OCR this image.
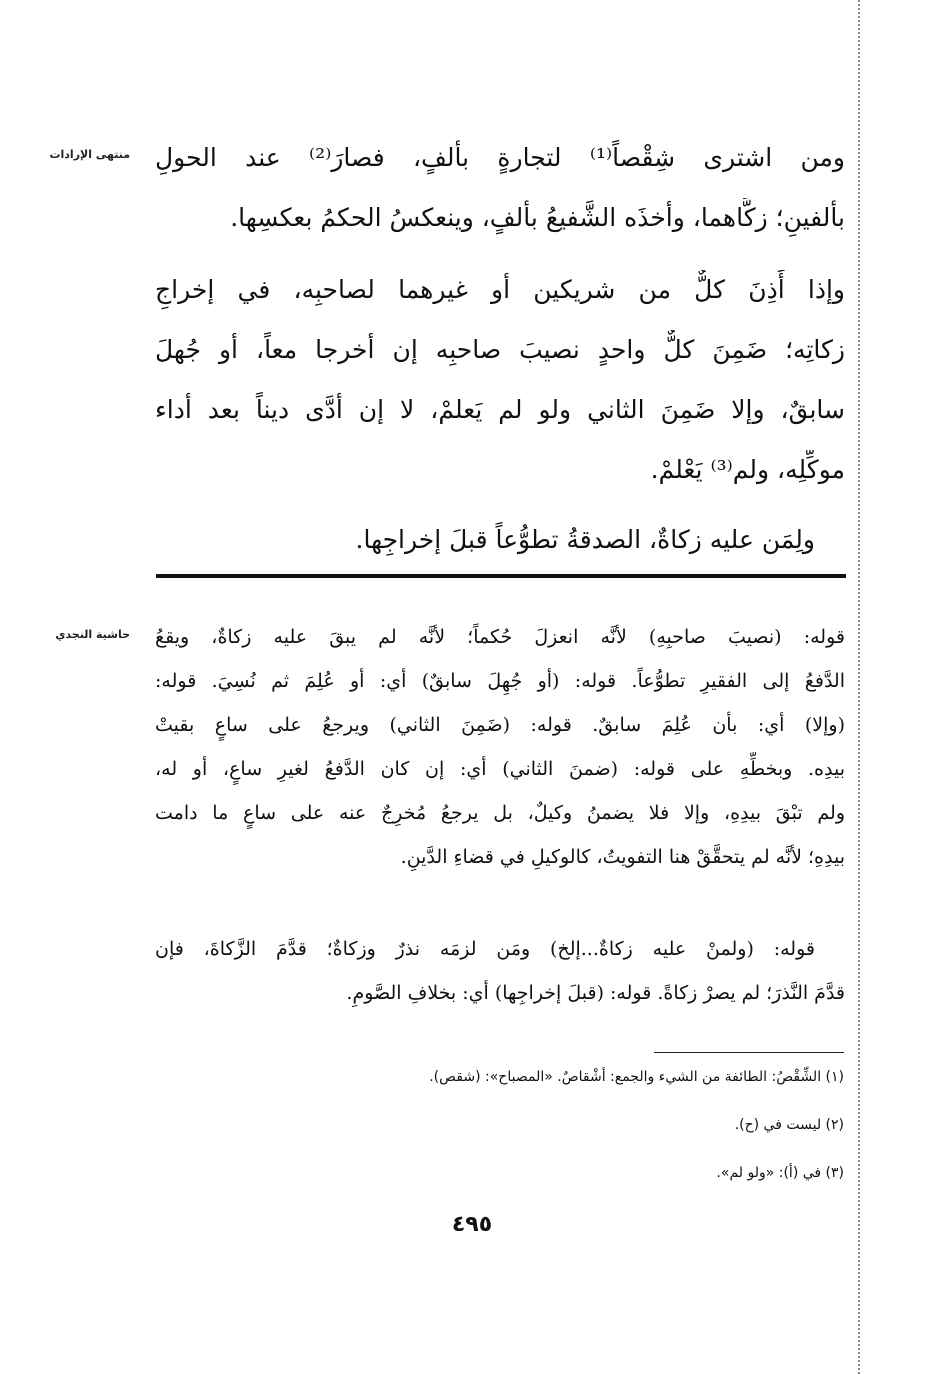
منتهى الإرادات
حاشية النجدي
ومن اشترى شِقْصاً⁽¹⁾ لتجارةٍ بألفٍ، فصارَ⁽²⁾ عند الحولِ
بألفينِ؛ زكَّاهما، وأخذَه الشَّفيعُ بألفٍ، وينعكسُ الحكمُ بعكسِها.
وإذا أَذِنَ كلٌّ من شريكين أو غيرهما لصاحبِه، في إخراجِ
زكاتِه؛ ضَمِنَ كلٌّ واحدٍ نصيبَ صاحبِه إن أخرجا معاً، أو جُهلَ
سابقٌ، وإلا ضَمِنَ الثاني ولو لم يَعلمْ، لا إن أدَّى ديناً بعد أداء
موكِّلِه، ولم⁽³⁾ يَعْلمْ.
ولِمَن عليه زكاةٌ، الصدقةُ تطوُّعاً قبلَ إخراجِها.
قوله: (نصيبَ صاحبِهِ) لأنَّه انعزلَ حُكماً؛ لأنَّه لم يبقَ عليه زكاةٌ، ويقعُ
الدَّفعُ إلى الفقيرِ تطوُّعاً. قوله: (أو جُهِلَ سابقٌ) أي: أو عُلِمَ ثم نُسِيَ. قوله:
(وإلا) أي: بأن عُلِمَ سابقٌ. قوله: (ضَمِنَ الثاني) ويرجعُ على ساعٍ بقيتْ
بيدِه. وبخطِّهِ على قوله: (ضمنَ الثاني) أي: إن كان الدَّفعُ لغيرِ ساعٍ، أو له،
ولم تبْقَ بيدِهِ، وإلا فلا يضمنُ وكيلٌ، بل يرجعُ مُخرِجٌ عنه على ساعٍ ما دامت
بيدِهِ؛ لأنَّه لم يتحقَّقْ هنا التفويتُ، كالوكيلِ في قضاءِ الدَّينِ.
قوله: (ولمنْ عليه زكاةٌ...إلخ) ومَن لزمَه نذرٌ وزكاةٌ؛ قدَّمَ الزَّكاةَ، فإن
قدَّمَ النَّذرَ؛ لم يصرْ زكاةً. قوله: (قبلَ إخراجِها) أي: بخلافِ الصَّومِ.
(١) الشِّقْصُ: الطائفة من الشيء والجمع: أشْقاصٌ. «المصباح»: (شقص).
(٢) ليست في (ح).
(٣) في (أ): «ولو لم».
٤٩٥
